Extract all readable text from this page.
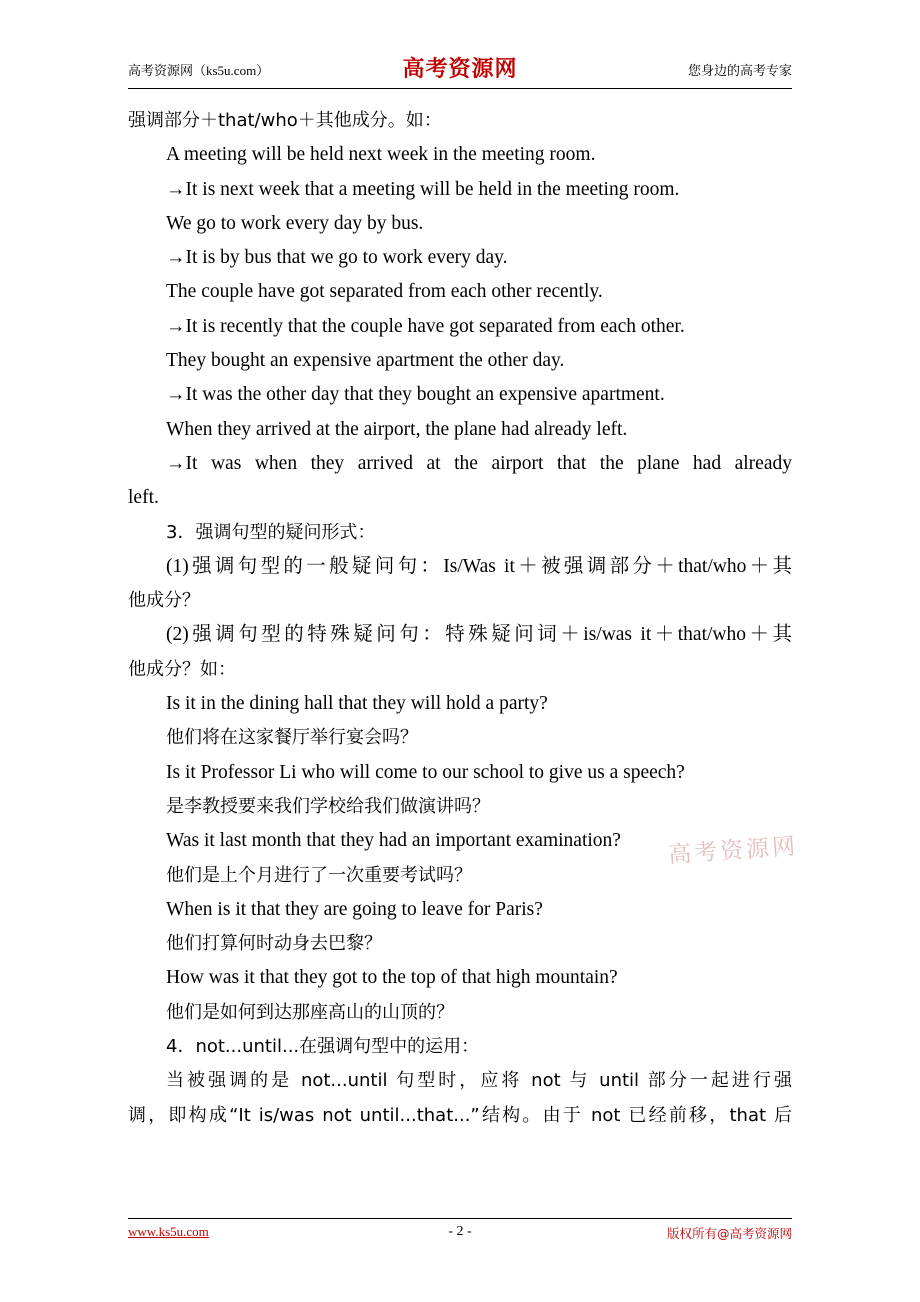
高考资源网（ks5u.com）	高考资源网	您身边的高考专家
强调部分＋that/who＋其他成分。如：
A meeting will be held next week in the meeting room.
→It is next week that a meeting will be held in the meeting room.
We go to work every day by bus.
→It is by bus that we go to work every day.
The couple have got separated from each other recently.
→It is recently that the couple have got separated from each other.
They bought an expensive apartment the other day.
→It was the other day that they bought an expensive apartment.
When they arrived at the airport, the plane had already left.
→It was when they arrived at the airport that the plane had already
left.
3．强调句型的疑问形式：
(1)强调句型的一般疑问句：Is/Was it＋被强调部分＋that/who＋其
他成分？
(2)强调句型的特殊疑问句：特殊疑问词＋is/was it＋that/who＋其
他成分？如：
Is it in the dining hall that they will hold a party?
他们将在这家餐厅举行宴会吗？
Is it Professor Li who will come to our school to give us a speech?
是李教授要来我们学校给我们做演讲吗？
Was it last month that they had an important examination?
他们是上个月进行了一次重要考试吗？
When is it that they are going to leave for Paris?
他们打算何时动身去巴黎？
How was it that they got to the top of that high mountain?
他们是如何到达那座高山的山顶的？
4．not...until...在强调句型中的运用：
当被强调的是 not...until 句型时，应将 not 与 until 部分一起进行强
调，即构成“It is/was not until...that...”结构。由于 not 已经前移，that 后
高考资源网
www.ks5u.com	- 2 -	版权所有@高考资源网
